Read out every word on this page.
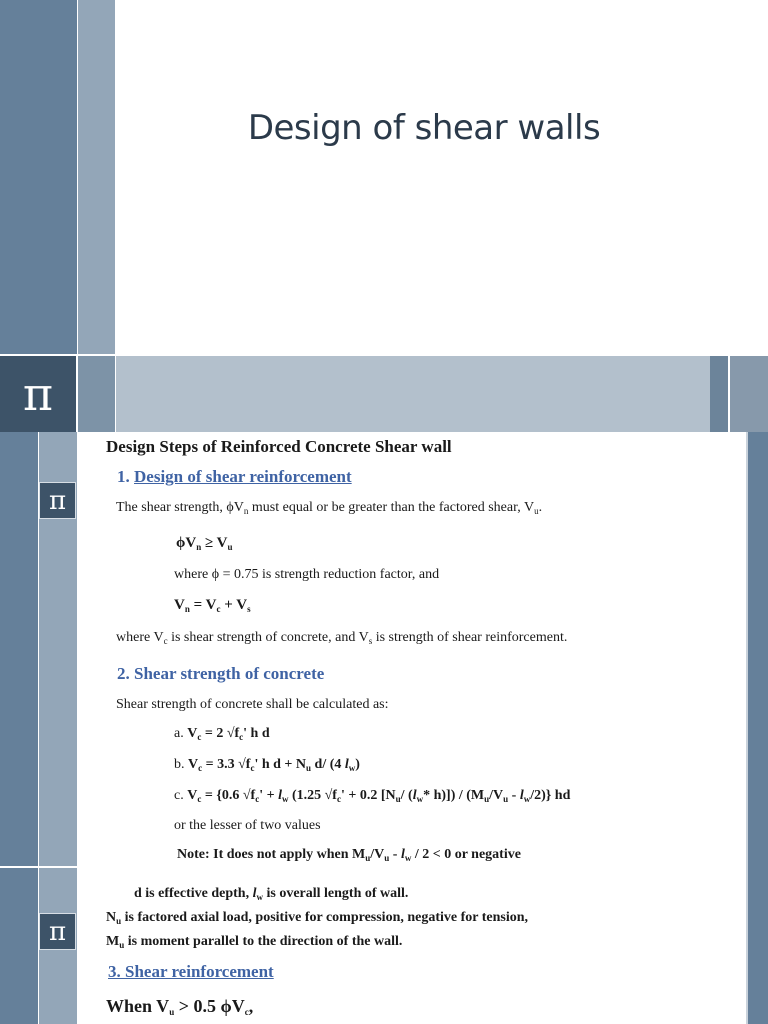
Design of shear walls
π
π
π
Design Steps of Reinforced Concrete Shear wall
1. Design of shear reinforcement
The shear strength, $\phi V_n$ must equal or be greater than the factored shear, $V_u$.
$\phi V_n \ge V_u$
where ϕ = 0.75 is strength reduction factor, and
$V_n = V_c + V_s$
where $V_c$ is shear strength of concrete, and $V_s$ is strength of shear reinforcement.
2. Shear strength of concrete
Shear strength of concrete shall be calculated as:
a. $V_c = 2$ $√f_c'$ h d
b. $V_c = 3.3$ $√f_c'$ h $d + N_u$ d/ (4 $l_w$)
c. $V_c = \{0.6$ $√f_c' + l_w$ (1.25 $√f_c' + 0.2$ [$N_u/$ ($l_w*$ $h)]) / (M_u/V_u - l_w/2)$} hd
or the lesser of two values
Note: It does not apply when $M_u/V_u - l_w / 2 < 0$ or negative
d is effective depth, $l_w$ is overall length of wall.
$N_u$ is factored axial load, positive for compression, negative for tension,
$M_u$ is moment parallel to the direction of the wall.
3. Shear reinforcement
When $V_u > 0.5$ $\phi V_c$,
